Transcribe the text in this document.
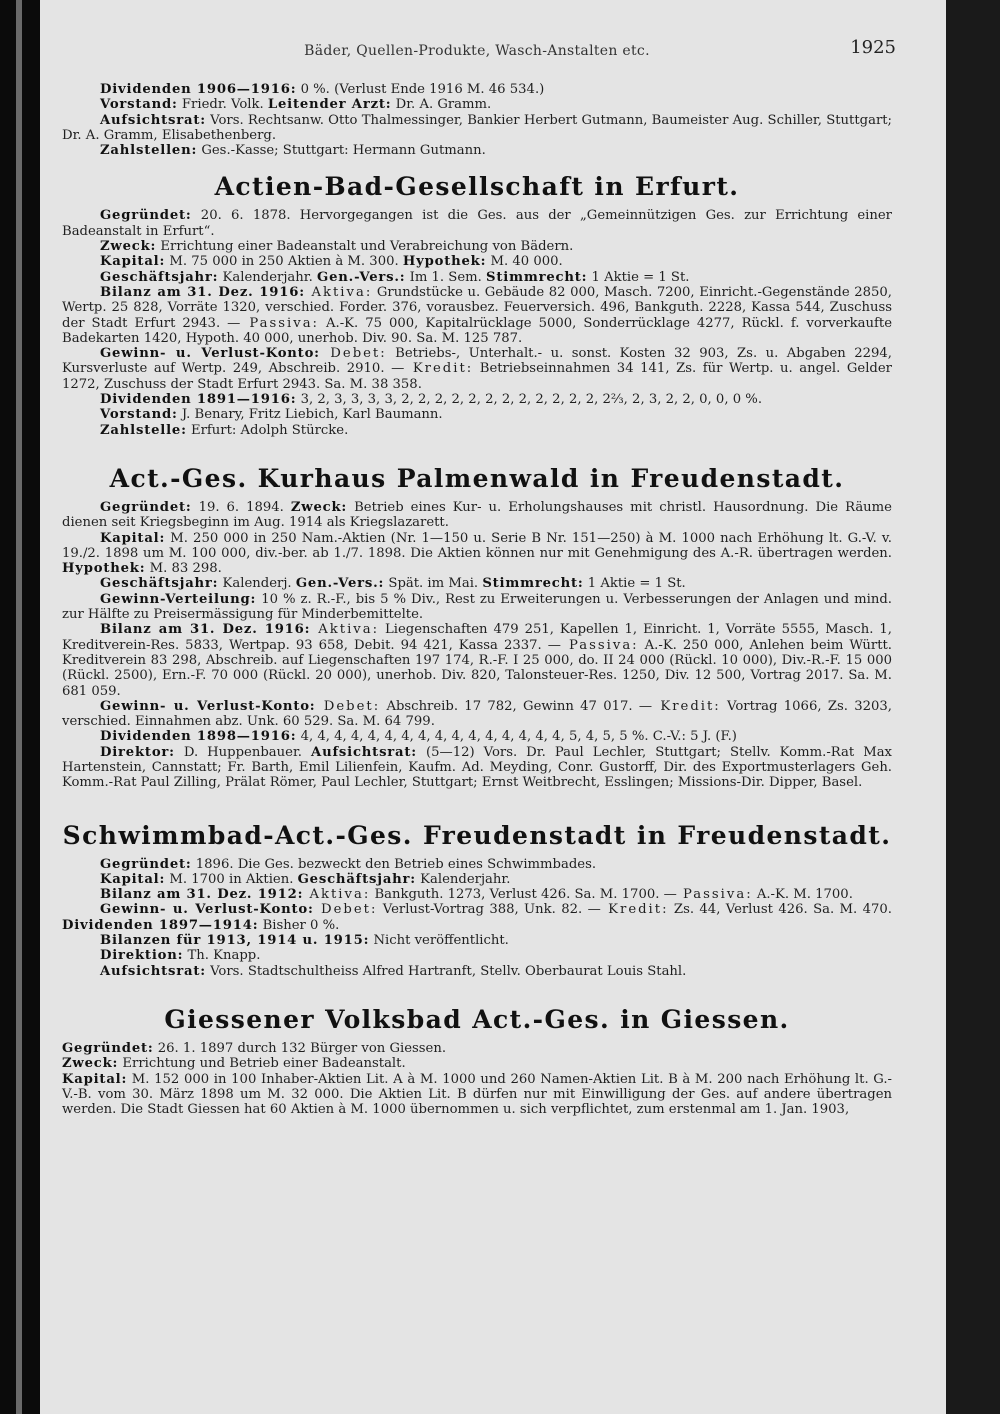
Bäder, Quellen-Produkte, Wasch-Anstalten etc.	1925

Dividenden 1906—1916: 0 %. (Verlust Ende 1916 M. 46 534.)

Vorstand: Friedr. Volk. Leitender Arzt: Dr. A. Gramm.

Aufsichtsrat: Vors. Rechtsanw. Otto Thalmessinger, Bankier Herbert Gutmann, Baumeister Aug. Schiller, Stuttgart; Dr. A. Gramm, Elisabethenberg.

Zahlstellen: Ges.-Kasse; Stuttgart: Hermann Gutmann.

Actien-Bad-Gesellschaft in Erfurt.

Gegründet: 20. 6. 1878. Hervorgegangen ist die Ges. aus der „Gemeinnützigen Ges. zur Errichtung einer Badeanstalt in Erfurt“.

Zweck: Errichtung einer Badeanstalt und Verabreichung von Bädern.

Kapital: M. 75 000 in 250 Aktien à M. 300. Hypothek: M. 40 000.

Geschäftsjahr: Kalenderjahr. Gen.-Vers.: Im 1. Sem. Stimmrecht: 1 Aktie = 1 St.

Bilanz am 31. Dez. 1916: Aktiva: Grundstücke u. Gebäude 82 000, Masch. 7200, Einricht.-Gegenstände 2850, Wertp. 25 828, Vorräte 1320, verschied. Forder. 376, vorausbez. Feuerversich. 496, Bankguth. 2228, Kassa 544, Zuschuss der Stadt Erfurt 2943. — Passiva: A.-K. 75 000, Kapitalrücklage 5000, Sonderrücklage 4277, Rückl. f. vorverkaufte Badekarten 1420, Hypoth. 40 000, unerhob. Div. 90. Sa. M. 125 787.

Gewinn- u. Verlust-Konto: Debet: Betriebs-, Unterhalt.- u. sonst. Kosten 32 903, Zs. u. Abgaben 2294, Kursverluste auf Wertp. 249, Abschreib. 2910. — Kredit: Betriebseinnahmen 34 141, Zs. für Wertp. u. angel. Gelder 1272, Zuschuss der Stadt Erfurt 2943. Sa. M. 38 358.

Dividenden 1891—1916: 3, 2, 3, 3, 3, 3, 2, 2, 2, 2, 2, 2, 2, 2, 2, 2, 2, 2, 2⅔, 2, 3, 2, 2, 0, 0, 0 %.

Vorstand: J. Benary, Fritz Liebich, Karl Baumann.

Zahlstelle: Erfurt: Adolph Stürcke.

Act.-Ges. Kurhaus Palmenwald in Freudenstadt.

Gegründet: 19. 6. 1894. Zweck: Betrieb eines Kur- u. Erholungshauses mit christl. Hausordnung. Die Räume dienen seit Kriegsbeginn im Aug. 1914 als Kriegslazarett.

Kapital: M. 250 000 in 250 Nam.-Aktien (Nr. 1—150 u. Serie B Nr. 151—250) à M. 1000 nach Erhöhung lt. G.-V. v. 19./2. 1898 um M. 100 000, div.-ber. ab 1./7. 1898. Die Aktien können nur mit Genehmigung des A.-R. übertragen werden. Hypothek: M. 83 298.

Geschäftsjahr: Kalenderj. Gen.-Vers.: Spät. im Mai. Stimmrecht: 1 Aktie = 1 St.

Gewinn-Verteilung: 10 % z. R.-F., bis 5 % Div., Rest zu Erweiterungen u. Verbesserungen der Anlagen und mind. zur Hälfte zu Preisermässigung für Minderbemittelte.

Bilanz am 31. Dez. 1916: Aktiva: Liegenschaften 479 251, Kapellen 1, Einricht. 1, Vorräte 5555, Masch. 1, Kreditverein-Res. 5833, Wertpap. 93 658, Debit. 94 421, Kassa 2337. — Passiva: A.-K. 250 000, Anlehen beim Württ. Kreditverein 83 298, Abschreib. auf Liegenschaften 197 174, R.-F. I 25 000, do. II 24 000 (Rückl. 10 000), Div.-R.-F. 15 000 (Rückl. 2500), Ern.-F. 70 000 (Rückl. 20 000), unerhob. Div. 820, Talonsteuer-Res. 1250, Div. 12 500, Vortrag 2017. Sa. M. 681 059.

Gewinn- u. Verlust-Konto: Debet: Abschreib. 17 782, Gewinn 47 017. — Kredit: Vortrag 1066, Zs. 3203, verschied. Einnahmen abz. Unk. 60 529. Sa. M. 64 799.

Dividenden 1898—1916: 4, 4, 4, 4, 4, 4, 4, 4, 4, 4, 4, 4, 4, 4, 4, 4, 5, 4, 5, 5 %. C.-V.: 5 J. (F.)

Direktor: D. Huppenbauer. Aufsichtsrat: (5—12) Vors. Dr. Paul Lechler, Stuttgart; Stellv. Komm.-Rat Max Hartenstein, Cannstatt; Fr. Barth, Emil Lilienfein, Kaufm. Ad. Meyding, Conr. Gustorff, Dir. des Exportmusterlagers Geh. Komm.-Rat Paul Zilling, Prälat Römer, Paul Lechler, Stuttgart; Ernst Weitbrecht, Esslingen; Missions-Dir. Dipper, Basel.

Schwimmbad-Act.-Ges. Freudenstadt in Freudenstadt.

Gegründet: 1896. Die Ges. bezweckt den Betrieb eines Schwimmbades.

Kapital: M. 1700 in Aktien. Geschäftsjahr: Kalenderjahr.

Bilanz am 31. Dez. 1912: Aktiva: Bankguth. 1273, Verlust 426. Sa. M. 1700. — Passiva: A.-K. M. 1700.

Gewinn- u. Verlust-Konto: Debet: Verlust-Vortrag 388, Unk. 82. — Kredit: Zs. 44, Verlust 426. Sa. M. 470. Dividenden 1897—1914: Bisher 0 %.

Bilanzen für 1913, 1914 u. 1915: Nicht veröffentlicht.

Direktion: Th. Knapp.

Aufsichtsrat: Vors. Stadtschultheiss Alfred Hartranft, Stellv. Oberbaurat Louis Stahl.

Giessener Volksbad Act.-Ges. in Giessen.

Gegründet: 26. 1. 1897 durch 132 Bürger von Giessen.

Zweck: Errichtung und Betrieb einer Badeanstalt.

Kapital: M. 152 000 in 100 Inhaber-Aktien Lit. A à M. 1000 und 260 Namen-Aktien Lit. B à M. 200 nach Erhöhung lt. G.-V.-B. vom 30. März 1898 um M. 32 000. Die Aktien Lit. B dürfen nur mit Einwilligung der Ges. auf andere übertragen werden. Die Stadt Giessen hat 60 Aktien à M. 1000 übernommen u. sich verpflichtet, zum erstenmal am 1. Jan. 1903,
